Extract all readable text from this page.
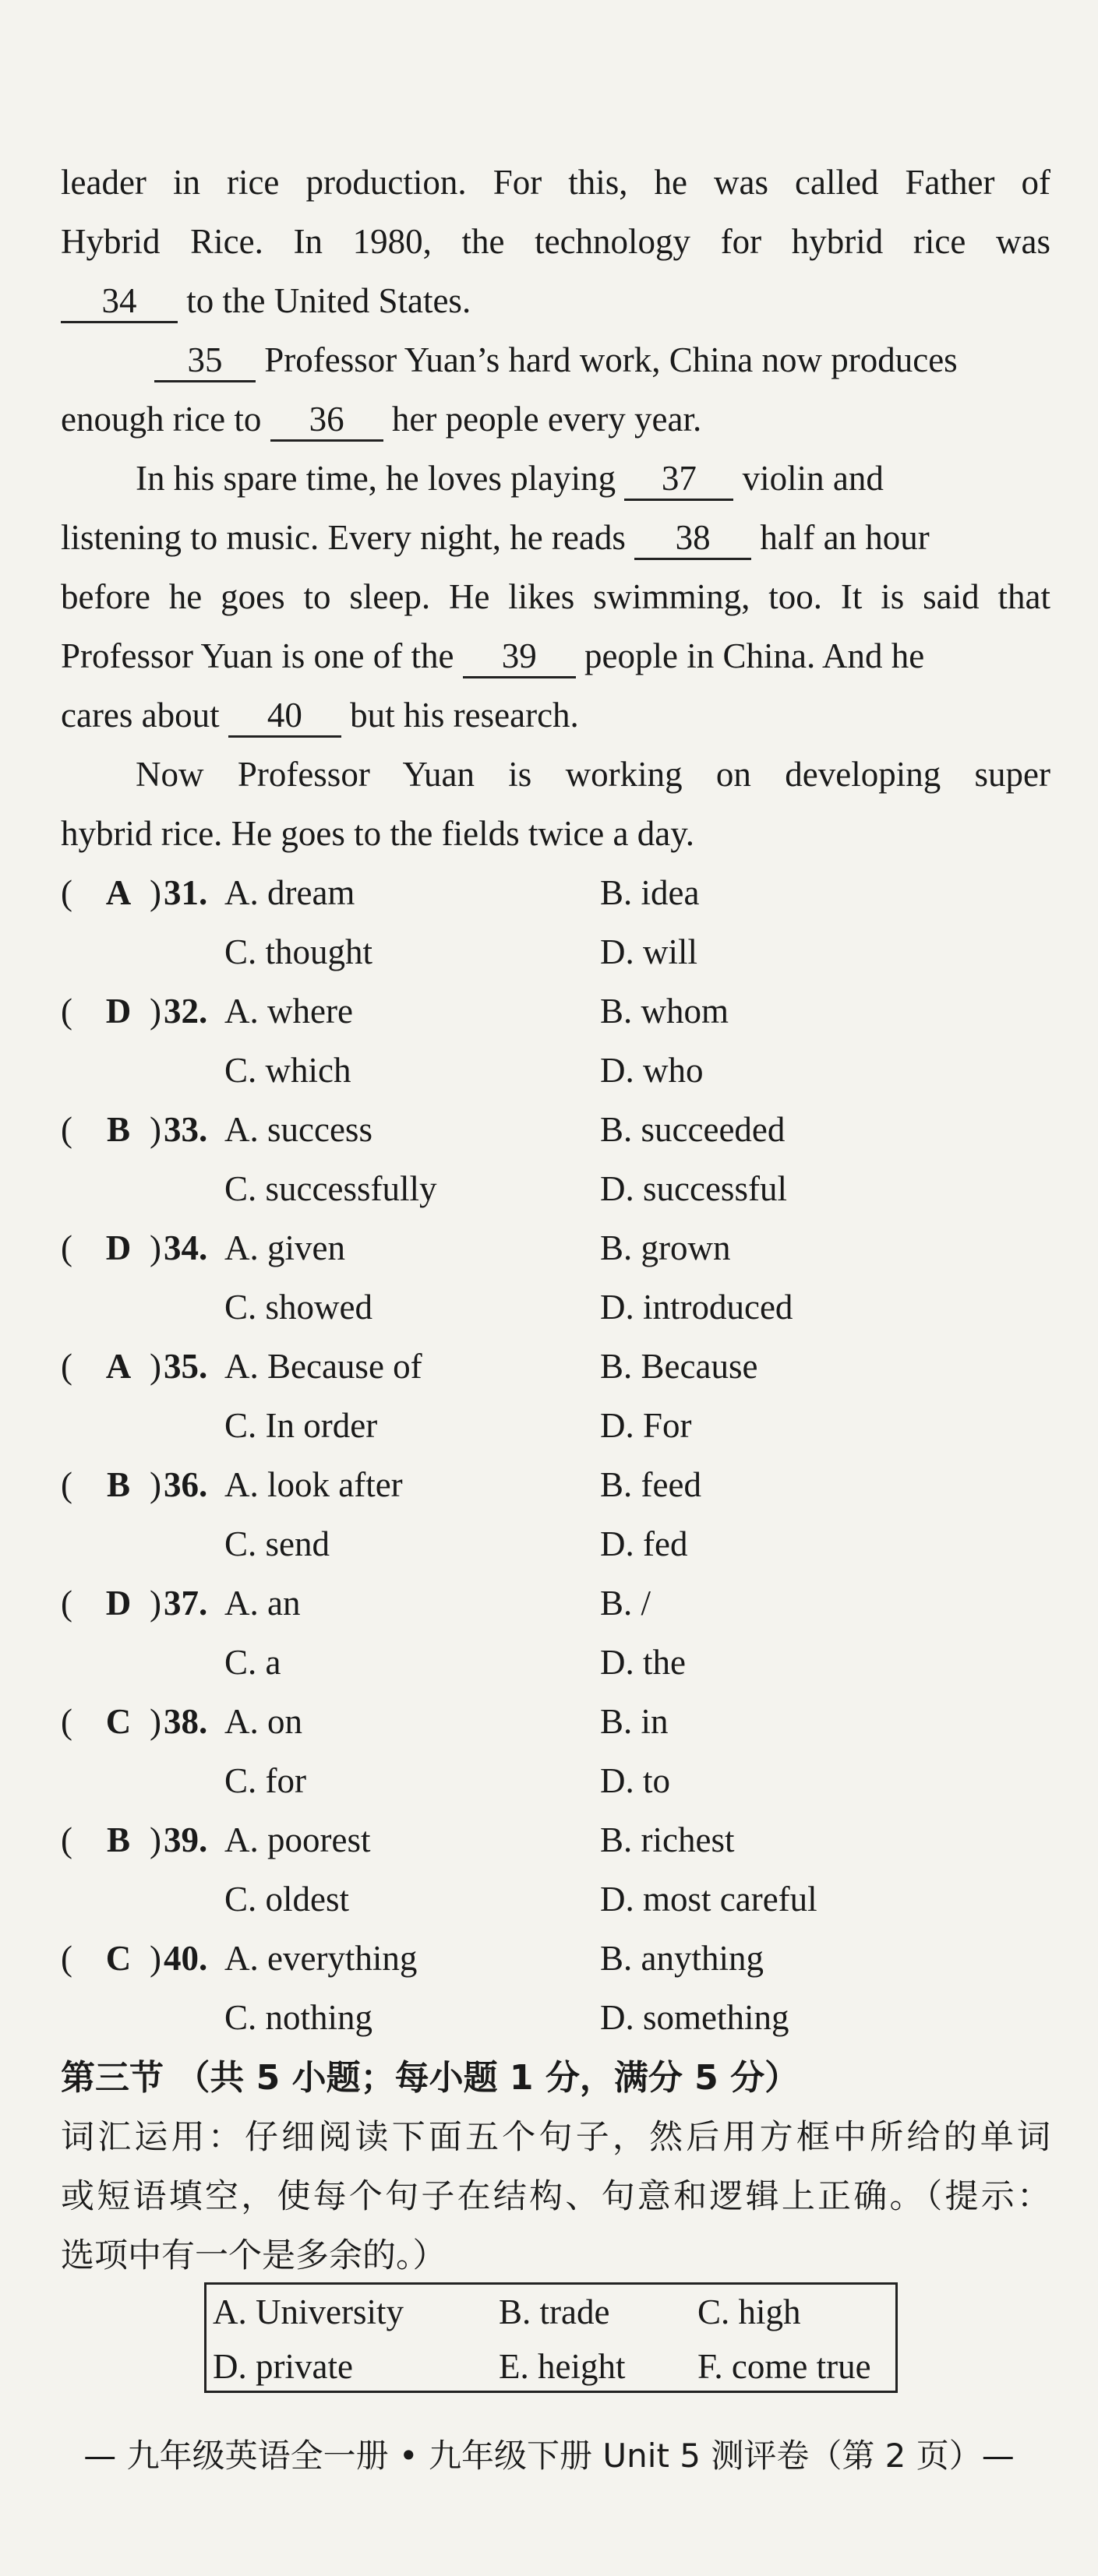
leader in rice production. For this, he was called Father of
Hybrid Rice. In 1980, the technology for hybrid rice was
34 to the United States.
35 Professor Yuan’s hard work, China now produces
enough rice to 36 her people every year.
In his spare time, he loves playing 37 violin and
listening to music. Every night, he reads 38 half an hour
before he goes to sleep. He likes swimming, too. It is said that
Professor Yuan is one of the 39 people in China. And he
cares about 40 but his research.
Now Professor Yuan is working on developing super
hybrid rice. He goes to the fields twice a day.
( A ) 31. A. dream	B. idea
C. thought	D. will
( D ) 32. A. where	B. whom
C. which	D. who
( B ) 33. A. success	B. succeeded
C. successfully	D. successful
( D ) 34. A. given	B. grown
C. showed	D. introduced
( A ) 35. A. Because of	B. Because
C. In order	D. For
( B ) 36. A. look after	B. feed
C. send	D. fed
( D ) 37. A. an	B. /
C. a	D. the
( C ) 38. A. on	B. in
C. for	D. to
( B ) 39. A. poorest	B. richest
C. oldest	D. most careful
( C ) 40. A. everything	B. anything
C. nothing	D. something
第三节 （共 5 小题；每小题 1 分，满分 5 分）
词汇运用：仔细阅读下面五个句子，然后用方框中所给的单词
或短语填空，使每个句子在结构、句意和逻辑上正确。（提示：
选项中有一个是多余的。）
A. University	B. trade	C. high
D. private	E. height F. come true
— 九年级英语全一册 • 九年级下册 Unit 5 测评卷（第 2 页）—
